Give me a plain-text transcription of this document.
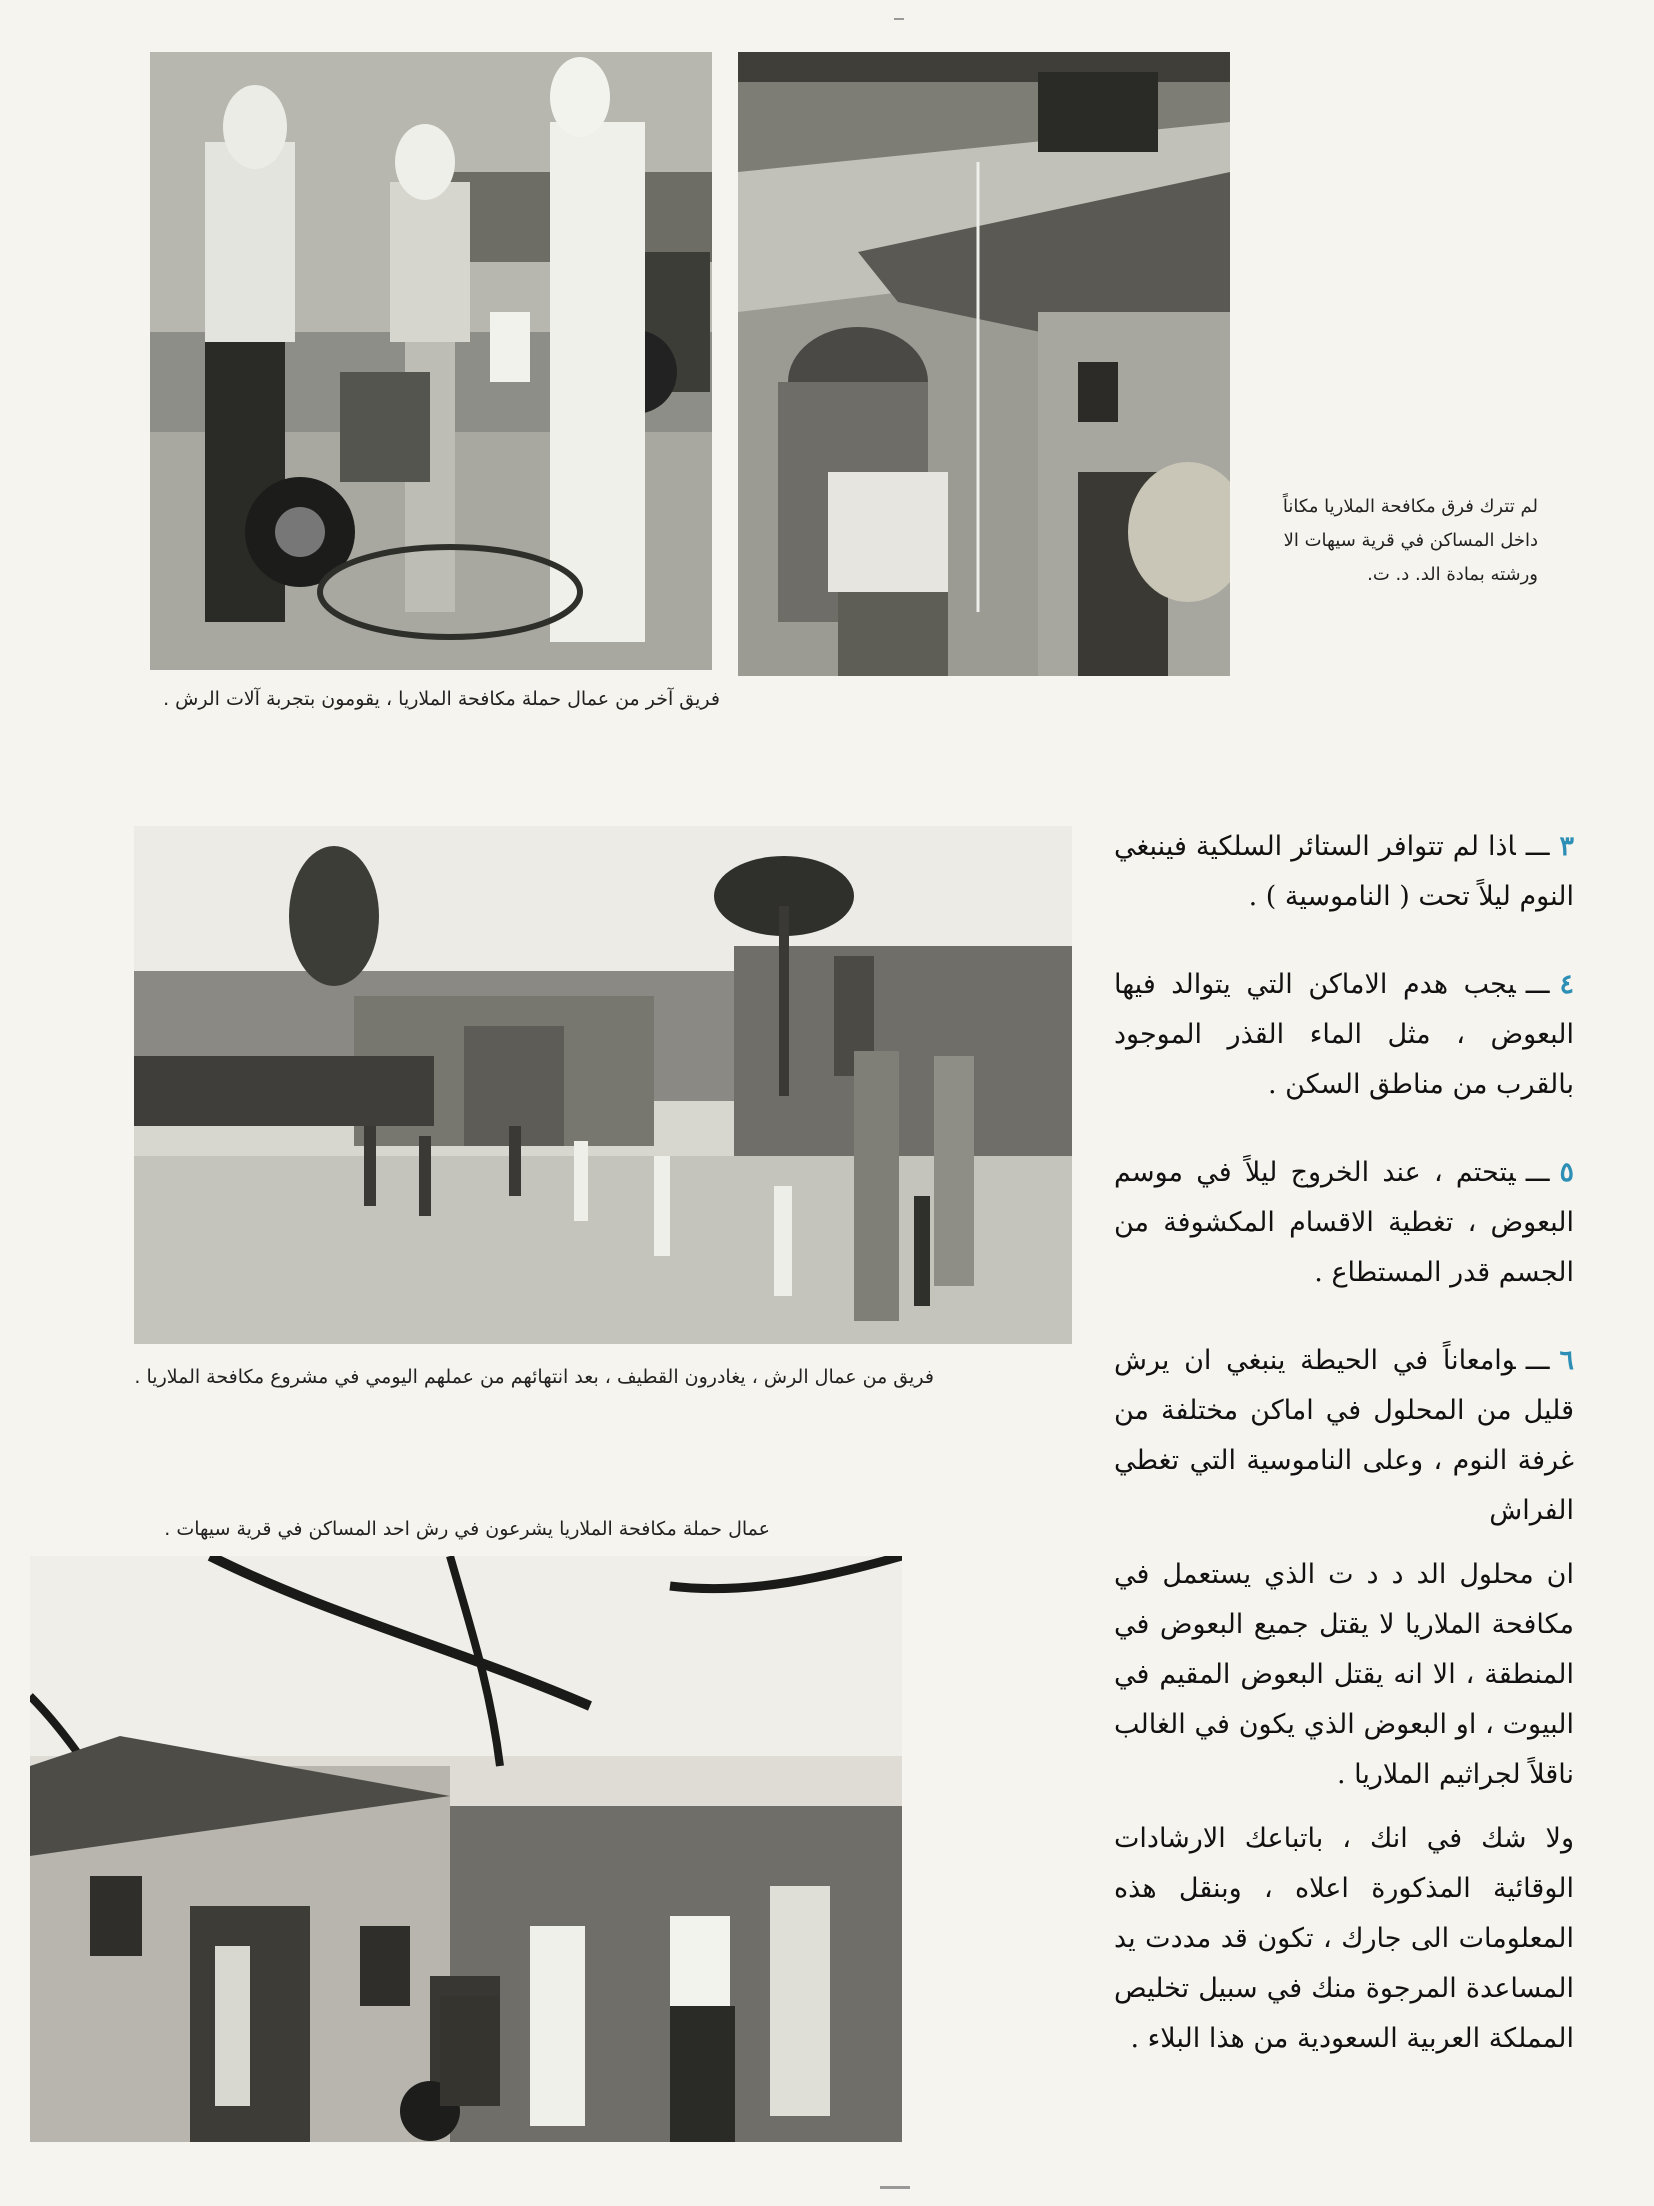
فريق آخر من عمال حملة مكافحة الملاريا ، يقومون بتجربة آلات الرش .
لم تترك فرق مكافحة الملاريا مكاناً داخل المساكن في قرية سيهات الا ورشته بمادة الد. د. ت.
فريق من عمال الرش ، يغادرون القطيف ، بعد انتهائهم من عملهم اليومي في مشروع مكافحة الملاريا .
عمال حملة مكافحة الملاريا يشرعون في رش احد المساكن في قرية سيهات .

٣ـــاذا لم تتوافر الستائر السلكية فينبغي النوم ليلاً تحت ( الناموسية ) .

٤ـــيجب هدم الاماكن التي يتوالد فيها البعوض ، مثل الماء القذر الموجود بالقرب من مناطق السكن .

٥ـــيتحتم ، عند الخروج ليلاً في موسم البعوض ، تغطية الاقسام المكشوفة من الجسم قدر المستطاع .

٦ـــوامعاناً في الحيطة ينبغي ان يرش قليل من المحلول في اماكن مختلفة من غرفة النوم ، وعلى الناموسية التي تغطي الفراش

ان محلول الد د د ت الذي يستعمل في مكافحة الملاريا لا يقتل جميع البعوض في المنطقة ، الا انه يقتل البعوض المقيم في البيوت ، او البعوض الذي يكون في الغالب ناقلاً لجراثيم الملاريا .

ولا شك في انك ، باتباعك الارشادات الوقائية المذكورة اعلاه ، وبنقل هذه المعلومات الى جارك ، تكون قد مددت يد المساعدة المرجوة منك في سبيل تخليص المملكة العربية السعودية من هذا البلاء .
